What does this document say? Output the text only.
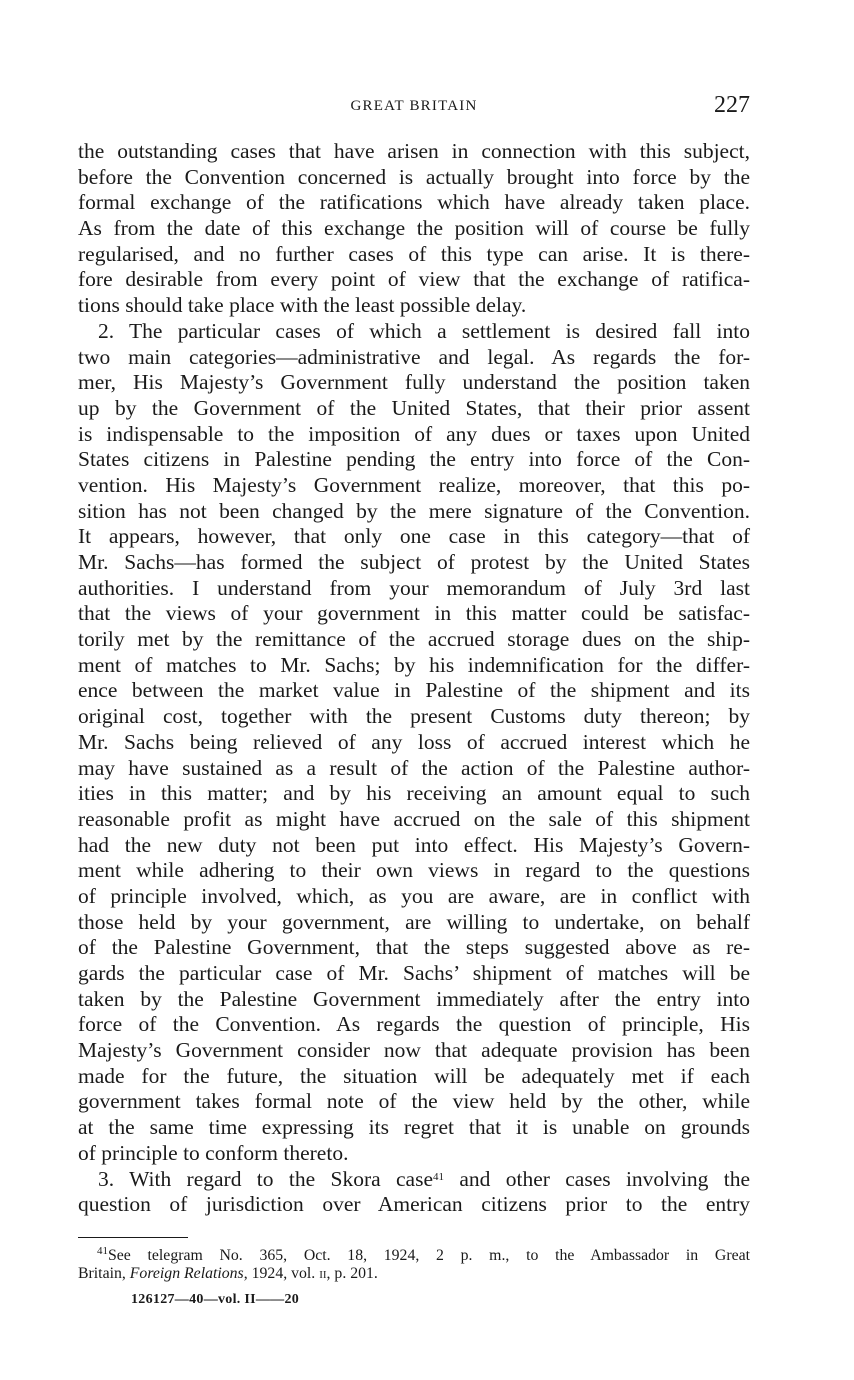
GREAT BRITAIN	227
the outstanding cases that have arisen in connection with this subject,
before the Convention concerned is actually brought into force by the
formal exchange of the ratifications which have already taken place.
As from the date of this exchange the position will of course be fully
regularised, and no further cases of this type can arise. It is there-
fore desirable from every point of view that the exchange of ratifica-
tions should take place with the least possible delay.
2. The particular cases of which a settlement is desired fall into
two main categories—administrative and legal. As regards the for-
mer, His Majesty’s Government fully understand the position taken
up by the Government of the United States, that their prior assent
is indispensable to the imposition of any dues or taxes upon United
States citizens in Palestine pending the entry into force of the Con-
vention. His Majesty’s Government realize, moreover, that this po-
sition has not been changed by the mere signature of the Convention.
It appears, however, that only one case in this category—that of
Mr. Sachs—has formed the subject of protest by the United States
authorities. I understand from your memorandum of July 3rd last
that the views of your government in this matter could be satisfac-
torily met by the remittance of the accrued storage dues on the ship-
ment of matches to Mr. Sachs; by his indemnification for the differ-
ence between the market value in Palestine of the shipment and its
original cost, together with the present Customs duty thereon; by
Mr. Sachs being relieved of any loss of accrued interest which he
may have sustained as a result of the action of the Palestine author-
ities in this matter; and by his receiving an amount equal to such
reasonable profit as might have accrued on the sale of this shipment
had the new duty not been put into effect. His Majesty’s Govern-
ment while adhering to their own views in regard to the questions
of principle involved, which, as you are aware, are in conflict with
those held by your government, are willing to undertake, on behalf
of the Palestine Government, that the steps suggested above as re-
gards the particular case of Mr. Sachs’ shipment of matches will be
taken by the Palestine Government immediately after the entry into
force of the Convention. As regards the question of principle, His
Majesty’s Government consider now that adequate provision has been
made for the future, the situation will be adequately met if each
government takes formal note of the view held by the other, while
at the same time expressing its regret that it is unable on grounds
of principle to conform thereto.
3. With regard to the Skora case$^{41}$ and other cases involving the
question of jurisdiction over American citizens prior to the entry
$^{41}$See telegram No. 365, Oct. 18, 1924, 2 p. m., to the Ambassador in Great
Britain, Foreign Relations, 1924, vol. ii, p. 201.
126127—40—vol. II——20
